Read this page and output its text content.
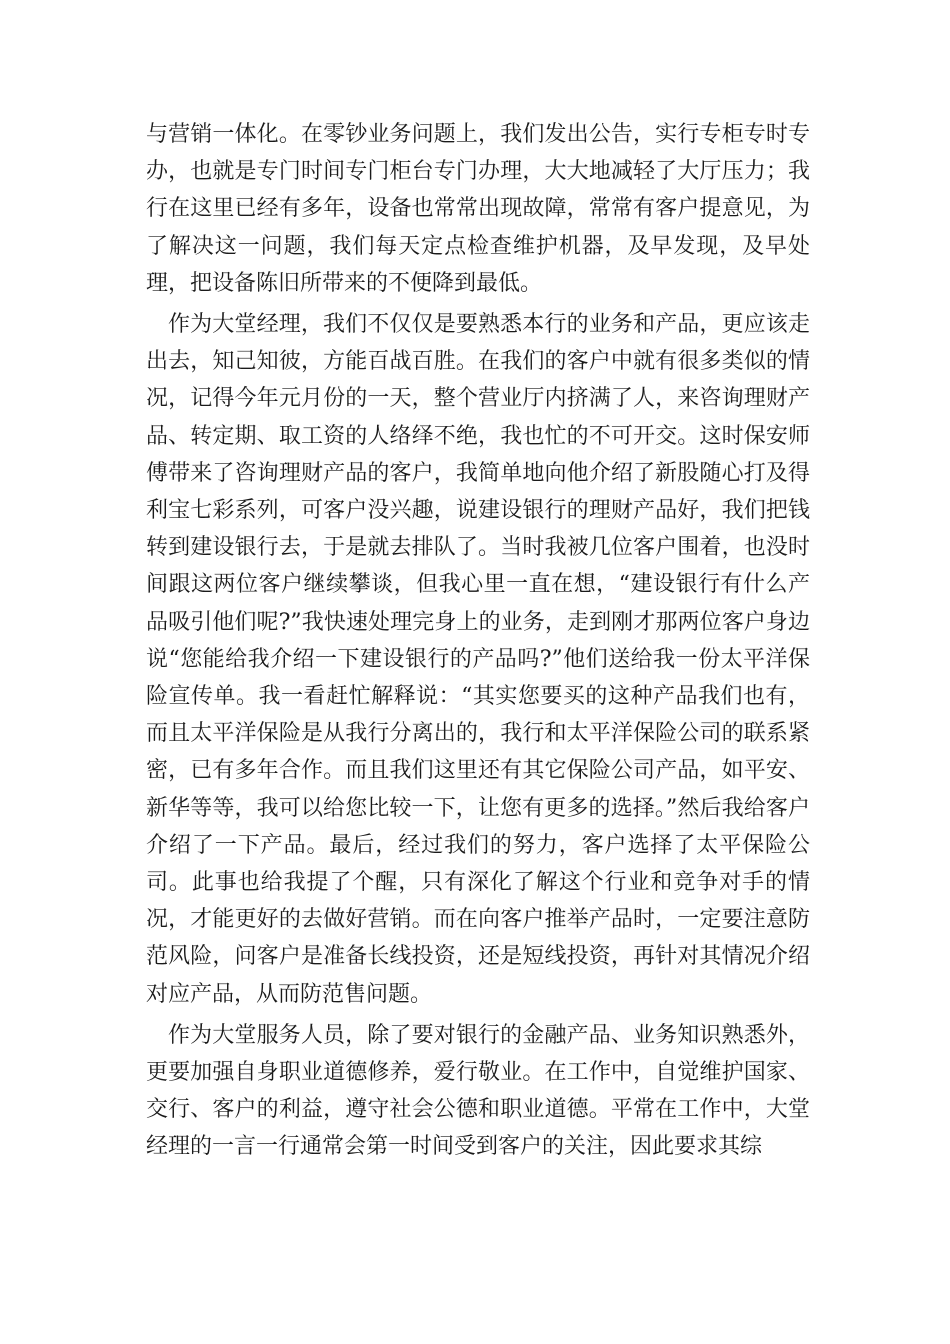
与营销一体化。在零钞业务问题上，我们发出公告，实行专柜专时专办，也就是专门时间专门柜台专门办理，大大地减轻了大厅压力；我行在这里已经有多年，设备也常常出现故障，常常有客户提意见，为了解决这一问题，我们每天定点检查维护机器，及早发现，及早处理，把设备陈旧所带来的不便降到最低。

作为大堂经理，我们不仅仅是要熟悉本行的业务和产品，更应该走出去，知己知彼，方能百战百胜。在我们的客户中就有很多类似的情况，记得今年元月份的一天，整个营业厅内挤满了人，来咨询理财产品、转定期、取工资的人络绎不绝，我也忙的不可开交。这时保安师傅带来了咨询理财产品的客户，我简单地向他介绍了新股随心打及得利宝七彩系列，可客户没兴趣，说建设银行的理财产品好，我们把钱转到建设银行去，于是就去排队了。当时我被几位客户围着，也没时间跟这两位客户继续攀谈，但我心里一直在想，“建设银行有什么产品吸引他们呢?”我快速处理完身上的业务，走到刚才那两位客户身边说“您能给我介绍一下建设银行的产品吗?”他们送给我一份太平洋保险宣传单。我一看赶忙解释说：“其实您要买的这种产品我们也有，而且太平洋保险是从我行分离出的，我行和太平洋保险公司的联系紧密，已有多年合作。而且我们这里还有其它保险公司产品，如平安、新华等等，我可以给您比较一下，让您有更多的选择。”然后我给客户介绍了一下产品。最后，经过我们的努力，客户选择了太平保险公司。此事也给我提了个醒，只有深化了解这个行业和竞争对手的情况，才能更好的去做好营销。而在向客户推举产品时，一定要注意防范风险，问客户是准备长线投资，还是短线投资，再针对其情况介绍对应产品，从而防范售问题。

作为大堂服务人员，除了要对银行的金融产品、业务知识熟悉外，更要加强自身职业道德修养，爱行敬业。在工作中，自觉维护国家、交行、客户的利益，遵守社会公德和职业道德。平常在工作中，大堂经理的一言一行通常会第一时间受到客户的关注，因此要求其综
